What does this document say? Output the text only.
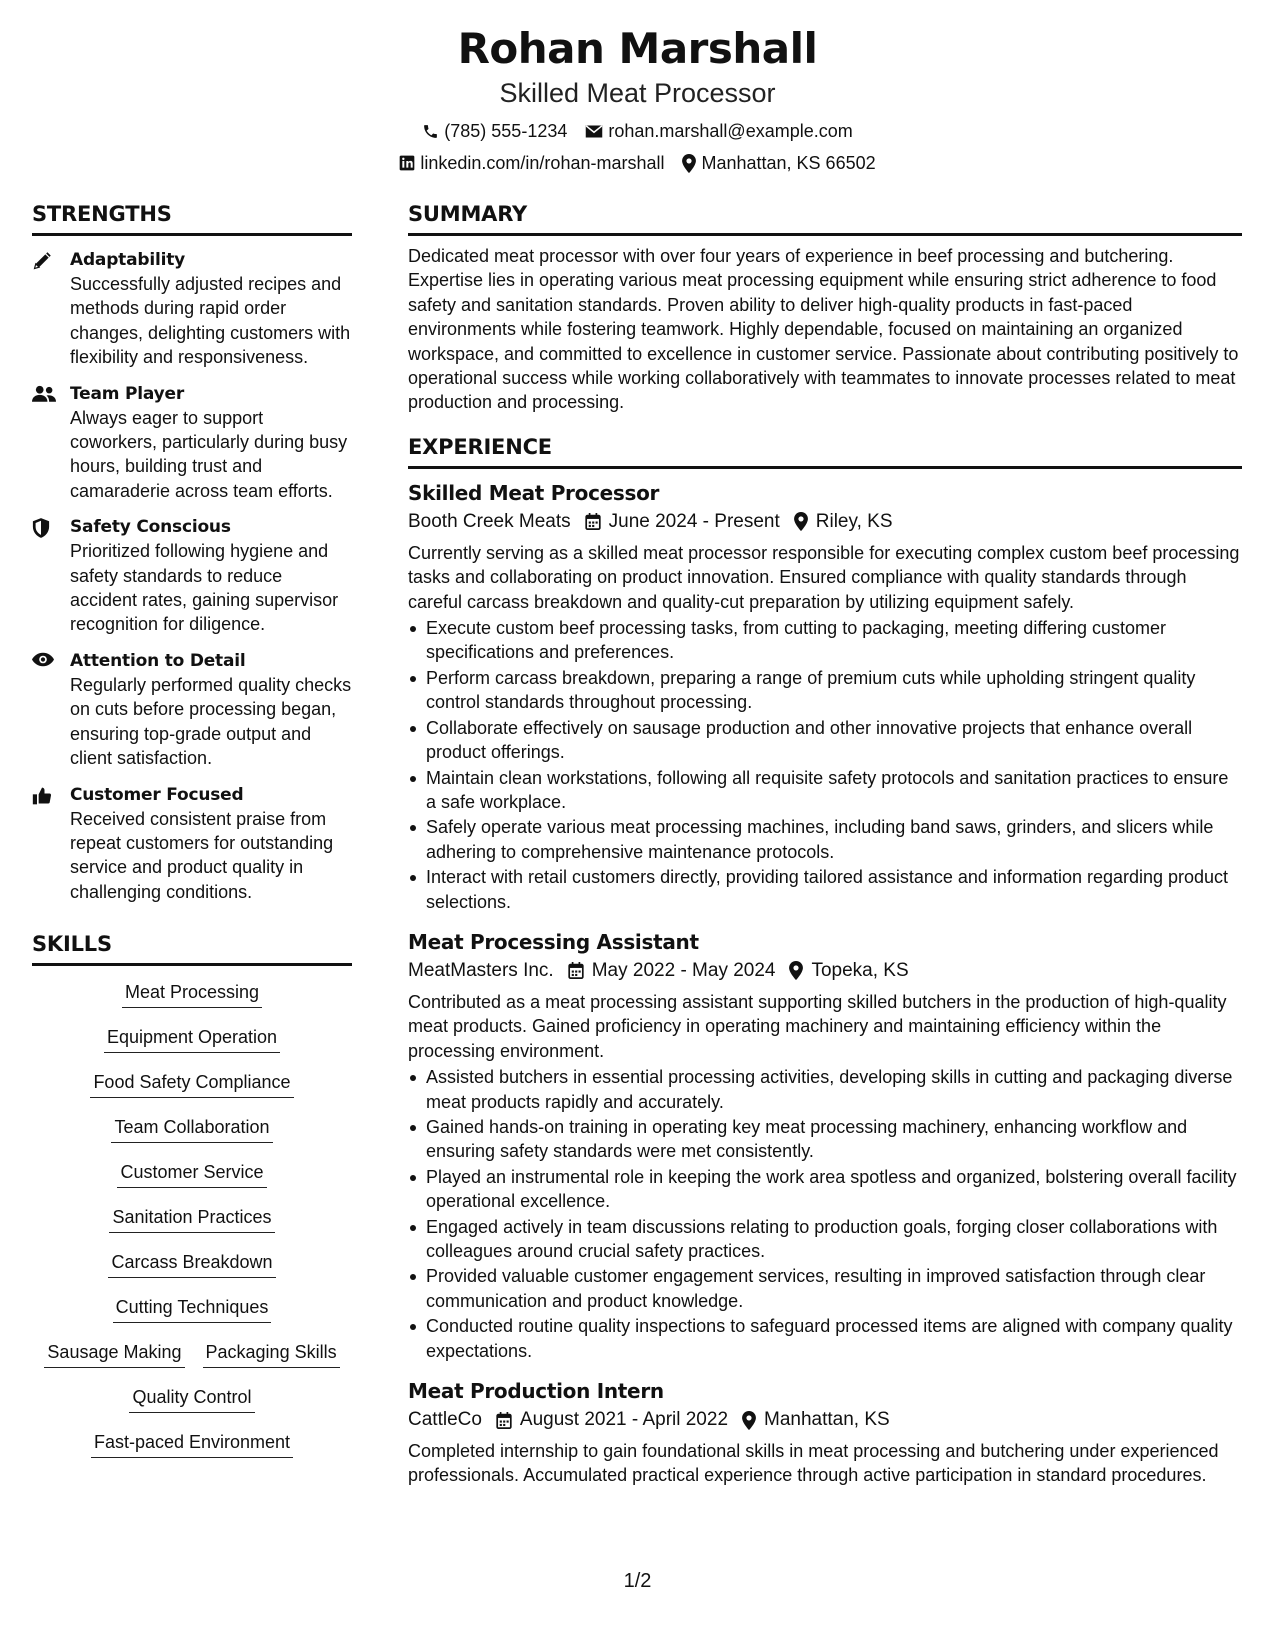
Rohan Marshall
Skilled Meat Processor
(785) 555-1234 rohan.marshall@example.com
linkedin.com/in/rohan-marshall Manhattan, KS 66502
STRENGTHS
Adaptability
Successfully adjusted recipes and methods during rapid order changes, delighting customers with flexibility and responsiveness.
Team Player
Always eager to support coworkers, particularly during busy hours, building trust and camaraderie across team efforts.
Safety Conscious
Prioritized following hygiene and safety standards to reduce accident rates, gaining supervisor recognition for diligence.
Attention to Detail
Regularly performed quality checks on cuts before processing began, ensuring top-grade output and client satisfaction.
Customer Focused
Received consistent praise from repeat customers for outstanding service and product quality in challenging conditions.
SKILLS
Meat Processing
Equipment Operation
Food Safety Compliance
Team Collaboration
Customer Service
Sanitation Practices
Carcass Breakdown
Cutting Techniques
Sausage Making Packaging Skills
Quality Control
Fast-paced Environment
SUMMARY
Dedicated meat processor with over four years of experience in beef processing and butchering. Expertise lies in operating various meat processing equipment while ensuring strict adherence to food safety and sanitation standards. Proven ability to deliver high-quality products in fast-paced environments while fostering teamwork. Highly dependable, focused on maintaining an organized workspace, and committed to excellence in customer service. Passionate about contributing positively to operational success while working collaboratively with teammates to innovate processes related to meat production and processing.
EXPERIENCE
Skilled Meat Processor
Booth Creek Meats June 2024 - Present Riley, KS
Currently serving as a skilled meat processor responsible for executing complex custom beef processing tasks and collaborating on product innovation. Ensured compliance with quality standards through careful carcass breakdown and quality-cut preparation by utilizing equipment safely.
Execute custom beef processing tasks, from cutting to packaging, meeting differing customer specifications and preferences.
Perform carcass breakdown, preparing a range of premium cuts while upholding stringent quality control standards throughout processing.
Collaborate effectively on sausage production and other innovative projects that enhance overall product offerings.
Maintain clean workstations, following all requisite safety protocols and sanitation practices to ensure a safe workplace.
Safely operate various meat processing machines, including band saws, grinders, and slicers while adhering to comprehensive maintenance protocols.
Interact with retail customers directly, providing tailored assistance and information regarding product selections.
Meat Processing Assistant
MeatMasters Inc. May 2022 - May 2024 Topeka, KS
Contributed as a meat processing assistant supporting skilled butchers in the production of high-quality meat products. Gained proficiency in operating machinery and maintaining efficiency within the processing environment.
Assisted butchers in essential processing activities, developing skills in cutting and packaging diverse meat products rapidly and accurately.
Gained hands-on training in operating key meat processing machinery, enhancing workflow and ensuring safety standards were met consistently.
Played an instrumental role in keeping the work area spotless and organized, bolstering overall facility operational excellence.
Engaged actively in team discussions relating to production goals, forging closer collaborations with colleagues around crucial safety practices.
Provided valuable customer engagement services, resulting in improved satisfaction through clear communication and product knowledge.
Conducted routine quality inspections to safeguard processed items are aligned with company quality expectations.
Meat Production Intern
CattleCo August 2021 - April 2022 Manhattan, KS
Completed internship to gain foundational skills in meat processing and butchering under experienced professionals. Accumulated practical experience through active participation in standard procedures.
1/2
